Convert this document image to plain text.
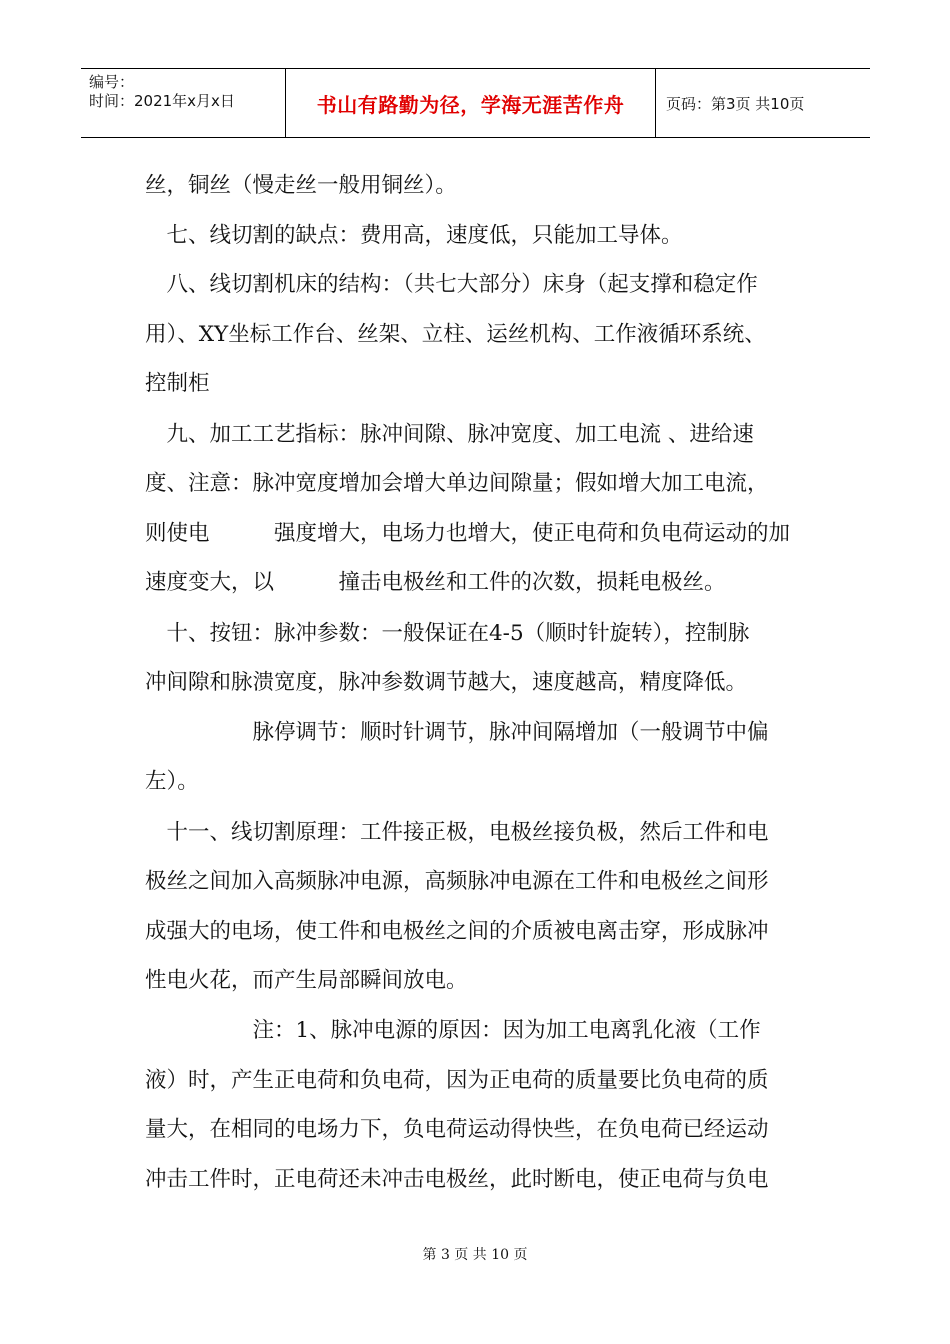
编号：
时间：2021年x月x日	书山有路勤为径，学海无涯苦作舟	页码：第3页 共10页
丝，铜丝（慢走丝一般用铜丝）。
　七、线切割的缺点：费用高，速度低，只能加工导体。
　八、线切割机床的结构：（共七大部分）床身（起支撑和稳定作
用）、XY坐标工作台、丝架、立柱、运丝机构、工作液循环系统、
控制柜
　九、加工工艺指标：脉冲间隙、脉冲宽度、加工电流 、进给速
度、注意：脉冲宽度增加会增大单边间隙量；假如增大加工电流，
则使电　　　强度增大，电场力也增大，使正电荷和负电荷运动的加
速度变大，以　　　撞击电极丝和工件的次数，损耗电极丝。
　十、按钮：脉冲参数：一般保证在4-5（顺时针旋转），控制脉
冲间隙和脉溃宽度，脉冲参数调节越大，速度越高，精度降低。
　　　　　脉停调节：顺时针调节，脉冲间隔增加（一般调节中偏
左）。
　十一、线切割原理：工件接正极，电极丝接负极，然后工件和电
极丝之间加入高频脉冲电源，高频脉冲电源在工件和电极丝之间形
成强大的电场，使工件和电极丝之间的介质被电离击穿，形成脉冲
性电火花，而产生局部瞬间放电。
　　　　　注：1、脉冲电源的原因：因为加工电离乳化液（工作
液）时，产生正电荷和负电荷，因为正电荷的质量要比负电荷的质
量大，在相同的电场力下，负电荷运动得快些，在负电荷已经运动
冲击工件时，正电荷还未冲击电极丝，此时断电，使正电荷与负电
第 3 页 共 10 页
